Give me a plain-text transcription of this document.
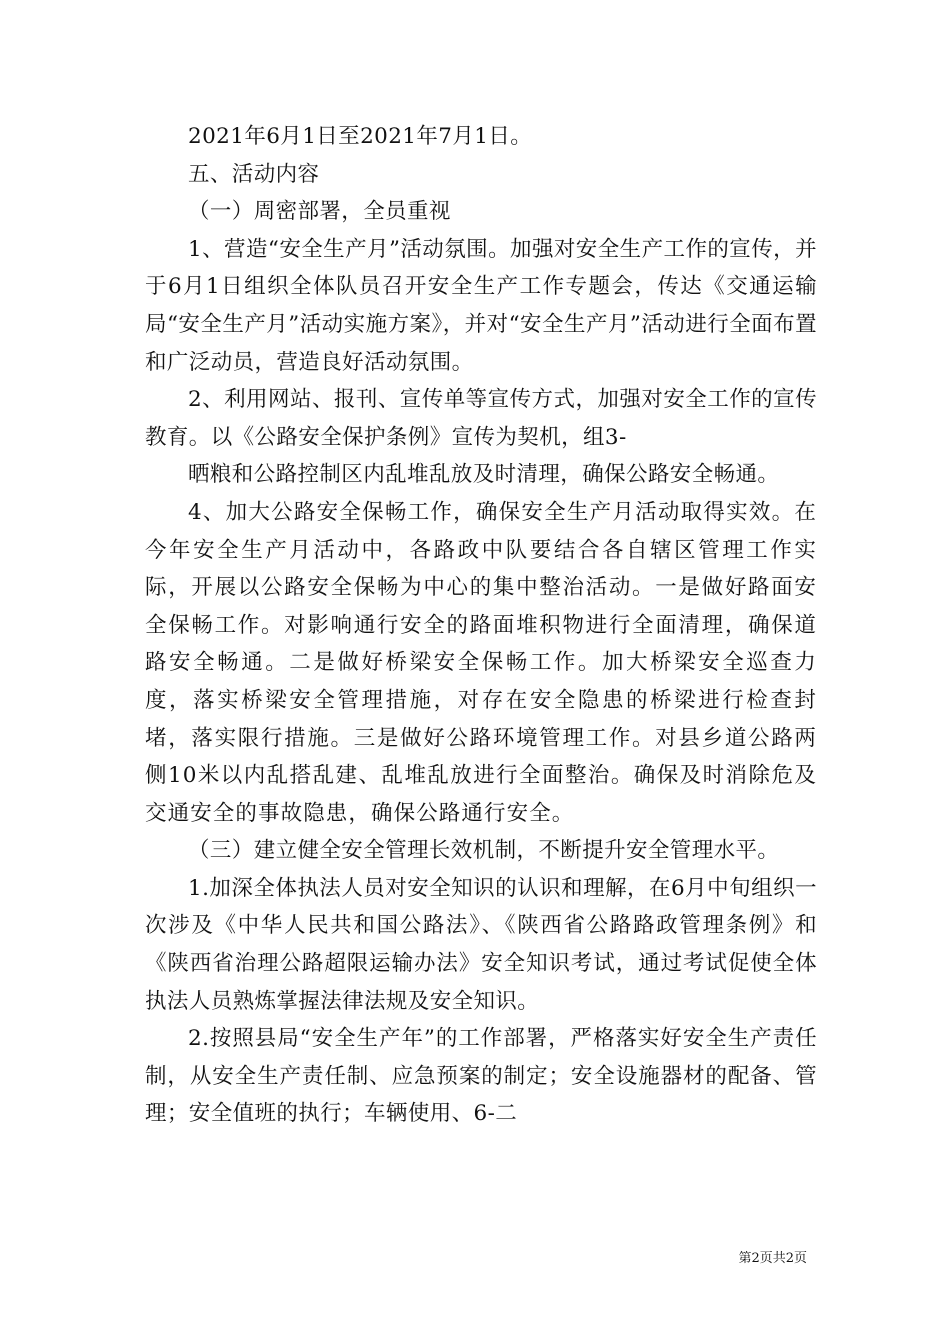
2021年6月1日至2021年7月1日。

五、活动内容

（一）周密部署，全员重视

1、营造“安全生产月”活动氛围。加强对安全生产工作的宣传，并于6月1日组织全体队员召开安全生产工作专题会，传达《交通运输局“安全生产月”活动实施方案》，并对“安全生产月”活动进行全面布置和广泛动员，营造良好活动氛围。

2、利用网站、报刊、宣传单等宣传方式，加强对安全工作的宣传教育。以《公路安全保护条例》宣传为契机，组3-

晒粮和公路控制区内乱堆乱放及时清理，确保公路安全畅通。

4、加大公路安全保畅工作，确保安全生产月活动取得实效。在今年安全生产月活动中，各路政中队要结合各自辖区管理工作实际，开展以公路安全保畅为中心的集中整治活动。一是做好路面安全保畅工作。对影响通行安全的路面堆积物进行全面清理，确保道路安全畅通。二是做好桥梁安全保畅工作。加大桥梁安全巡查力度，落实桥梁安全管理措施，对存在安全隐患的桥梁进行检查封堵，落实限行措施。三是做好公路环境管理工作。对县乡道公路两侧10米以内乱搭乱建、乱堆乱放进行全面整治。确保及时消除危及交通安全的事故隐患，确保公路通行安全。

（三）建立健全安全管理长效机制，不断提升安全管理水平。

1.加深全体执法人员对安全知识的认识和理解，在6月中旬组织一次涉及《中华人民共和国公路法》、《陕西省公路路政管理条例》和《陕西省治理公路超限运输办法》安全知识考试，通过考试促使全体执法人员熟炼掌握法律法规及安全知识。

2.按照县局“安全生产年”的工作部署，严格落实好安全生产责任制，从安全生产责任制、应急预案的制定；安全设施器材的配备、管理；安全值班的执行；车辆使用、6-二

第2页共2页
